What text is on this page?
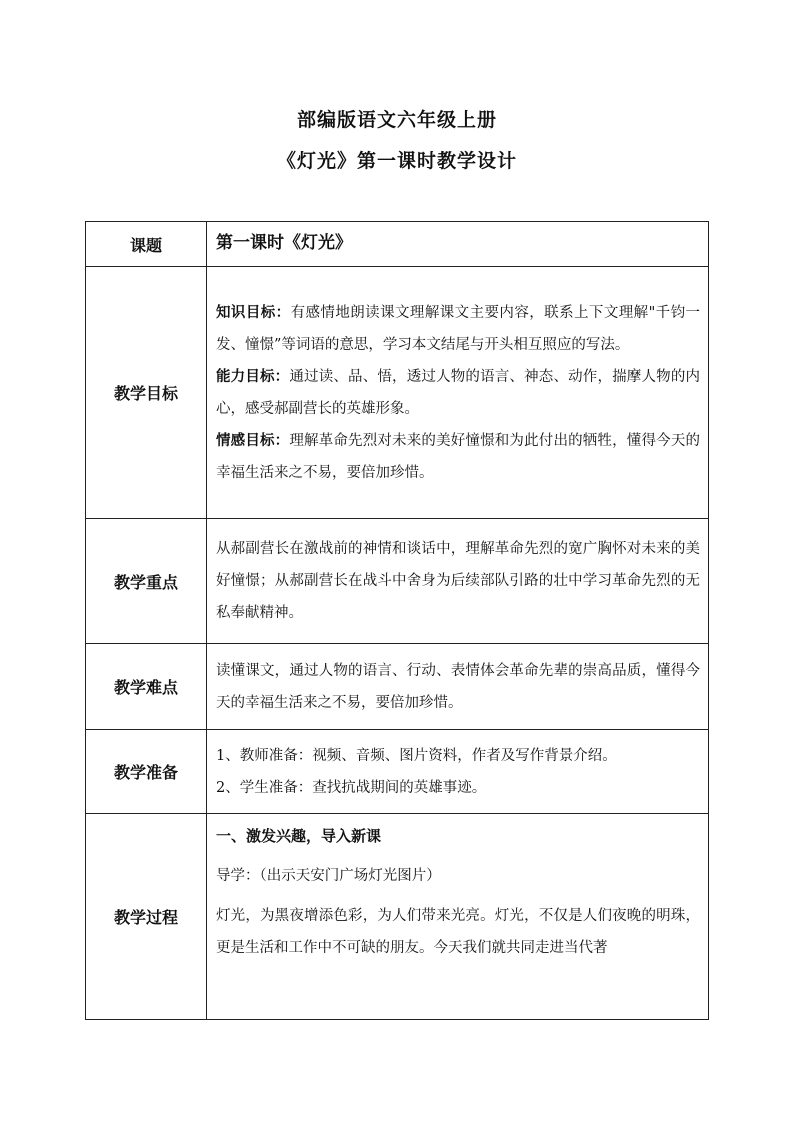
部编版语文六年级上册
《灯光》第一课时教学设计
课题	第一课时《灯光》
教学目标	知识目标：有感情地朗读课文理解课文主要内容，联系上下文理解"千钧一发、憧憬”等词语的意思，学习本文结尾与开头相互照应的写法。

能力目标：通过读、品、悟，透过人物的语言、神态、动作，揣摩人物的内心，感受郝副营长的英雄形象。

情感目标：理解革命先烈对未来的美好憧憬和为此付出的牺牲，懂得今天的幸福生活来之不易，要倍加珍惜。

教学重点	从郝副营长在激战前的神情和谈话中，理解革命先烈的宽广胸怀对未来的美好憧憬；从郝副营长在战斗中舍身为后续部队引路的壮中学习革命先烈的无私奉献精神。

教学难点	读懂课文，通过人物的语言、行动、表情体会革命先辈的崇高品质，懂得今天的幸福生活来之不易，要倍加珍惜。

教学准备	1、教师准备：视频、音频、图片资料，作者及写作背景介绍。

2、学生准备：查找抗战期间的英雄事迹。

教学过程	一、激发兴趣，导入新课

导学：（出示天安门广场灯光图片）

灯光，为黑夜增添色彩，为人们带来光亮。灯光，不仅是人们夜晚的明珠，更是生活和工作中不可缺的朋友。今天我们就共同走进当代著
